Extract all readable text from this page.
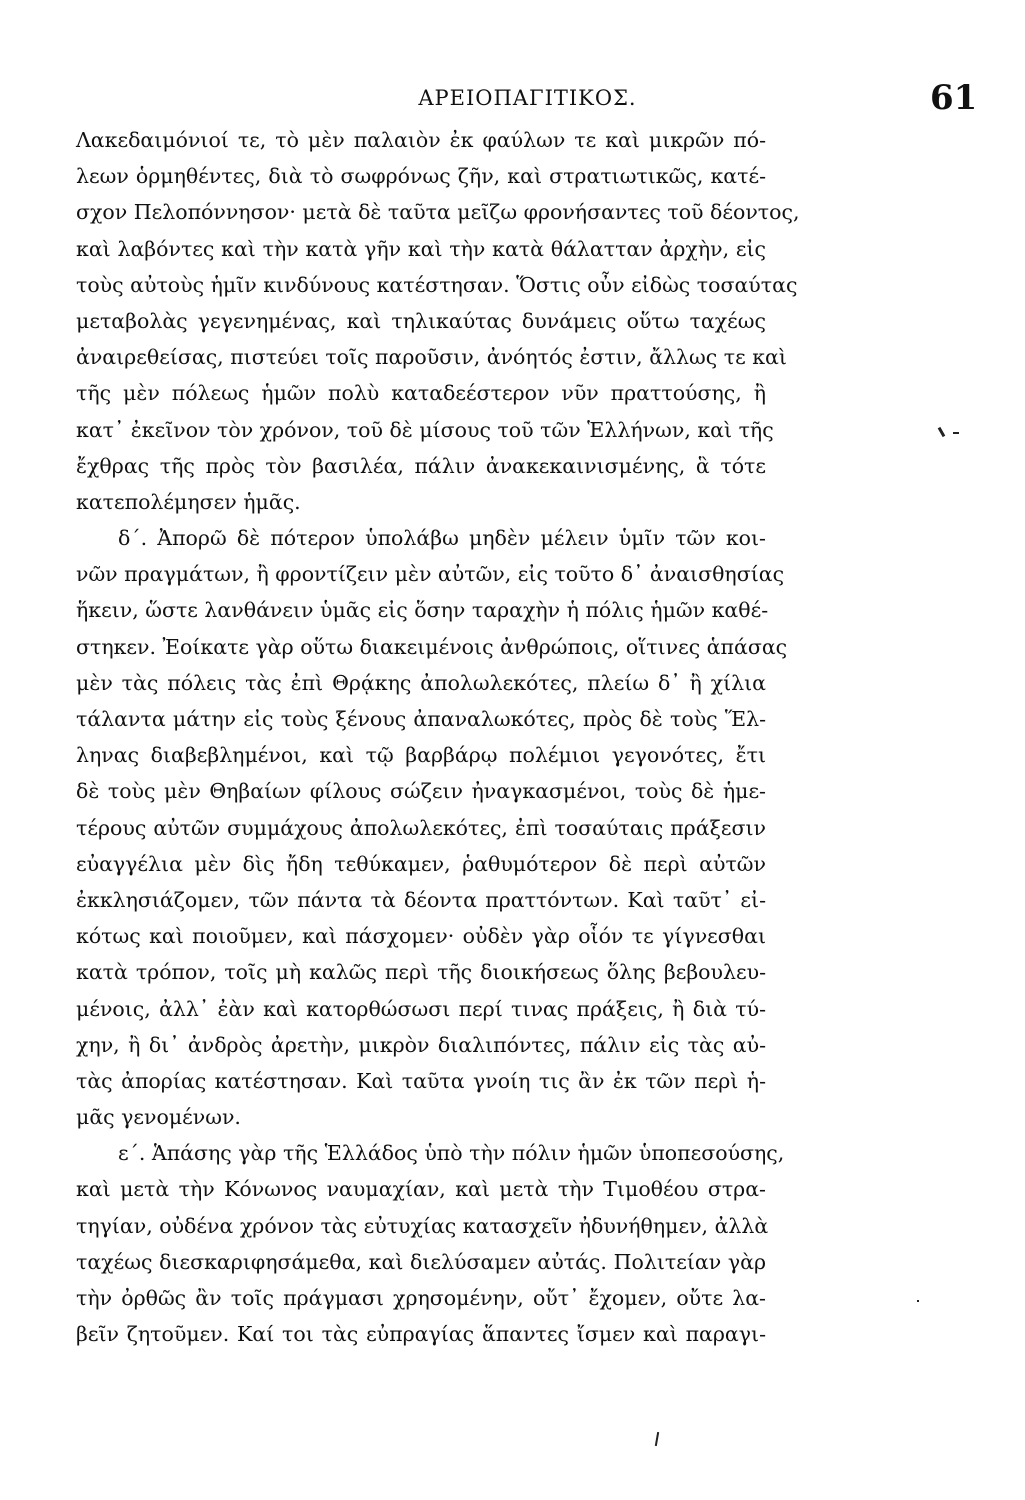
ΑΡΕΙΟΠΑΓΙΤΙΚΟΣ.	61
Λακεδαιμόνιοί τε, τὸ μὲν παλαιὸν ἐκ φαύλων τε καὶ μικρῶν πό-
λεων ὁρμηθέντες, διὰ τὸ σωφρόνως ζῆν, καὶ στρατιωτικῶς, κατέ-
σχον Πελοπόννησον· μετὰ δὲ ταῦτα μεῖζω φρονήσαντες τοῦ δέοντος,
καὶ λαβόντες καὶ τὴν κατὰ γῆν καὶ τὴν κατὰ θάλατταν ἀρχὴν, εἰς
τοὺς αὐτοὺς ἡμῖν κινδύνους κατέστησαν. Ὅστις οὖν εἰδὼς τοσαύτας
μεταβολὰς γεγενημένας, καὶ τηλικαύτας δυνάμεις οὕτω ταχέως
ἀναιρεθείσας, πιστεύει τοῖς παροῦσιν, ἀνόητός ἐστιν, ἄλλως τε καὶ
τῆς μὲν πόλεως ἡμῶν πολὺ καταδεέστερον νῦν πραττούσης, ἢ
κατ᾽ ἐκεῖνον τὸν χρόνον, τοῦ δὲ μίσους τοῦ τῶν Ἑλλήνων, καὶ τῆς
ἔχθρας τῆς πρὸς τὸν βασιλέα, πάλιν ἀνακεκαινισμένης, ἃ τότε
κατεπολέμησεν ἡμᾶς.
δ΄. Ἀπορῶ δὲ πότερον ὑπολάβω μηδὲν μέλειν ὑμῖν τῶν κοι-
νῶν πραγμάτων, ἢ φροντίζειν μὲν αὐτῶν, εἰς τοῦτο δ᾽ ἀναισθησίας
ἥκειν, ὥστε λανθάνειν ὑμᾶς εἰς ὅσην ταραχὴν ἡ πόλις ἡμῶν καθέ-
στηκεν. Ἐοίκατε γὰρ οὕτω διακειμένοις ἀνθρώποις, οἵτινες ἁπάσας
μὲν τὰς πόλεις τὰς ἐπὶ Θρᾴκης ἀπολωλεκότες, πλείω δ᾽ ἢ χίλια
τάλαντα μάτην εἰς τοὺς ξένους ἀπαναλωκότες, πρὸς δὲ τοὺς Ἕλ-
ληνας διαβεβλημένοι, καὶ τῷ βαρβάρῳ πολέμιοι γεγονότες, ἔτι
δὲ τοὺς μὲν Θηβαίων φίλους σώζειν ἠναγκασμένοι, τοὺς δὲ ἡμε-
τέρους αὐτῶν συμμάχους ἀπολωλεκότες, ἐπὶ τοσαύταις πράξεσιν
εὐαγγέλια μὲν δὶς ἤδη τεθύκαμεν, ῥαθυμότερον δὲ περὶ αὐτῶν
ἐκκλησιάζομεν, τῶν πάντα τὰ δέοντα πραττόντων. Καὶ ταῦτ᾽ εἰ-
κότως καὶ ποιοῦμεν, καὶ πάσχομεν· οὐδὲν γὰρ οἷόν τε γίγνεσθαι
κατὰ τρόπον, τοῖς μὴ καλῶς περὶ τῆς διοικήσεως ὅλης βεβουλευ-
μένοις, ἀλλ᾽ ἐὰν καὶ κατορθώσωσι περί τινας πράξεις, ἢ διὰ τύ-
χην, ἢ δι᾽ ἀνδρὸς ἀρετὴν, μικρὸν διαλιπόντες, πάλιν εἰς τὰς αὐ-
τὰς ἀπορίας κατέστησαν. Καὶ ταῦτα γνοίη τις ἂν ἐκ τῶν περὶ ἡ-
μᾶς γενομένων.
ε΄. Ἁπάσης γὰρ τῆς Ἑλλάδος ὑπὸ τὴν πόλιν ἡμῶν ὑποπεσούσης,
καὶ μετὰ τὴν Κόνωνος ναυμαχίαν, καὶ μετὰ τὴν Τιμοθέου στρα-
τηγίαν, οὐδένα χρόνον τὰς εὐτυχίας κατασχεῖν ἠδυνήθημεν, ἀλλὰ
ταχέως διεσκαριφησάμεθα, καὶ διελύσαμεν αὐτάς. Πολιτείαν γὰρ
τὴν ὀρθῶς ἂν τοῖς πράγμασι χρησομένην, οὔτ᾽ ἔχομεν, οὔτε λα-
βεῖν ζητοῦμεν. Καί τοι τὰς εὐπραγίας ἅπαντες ἴσμεν καὶ παραγι-
